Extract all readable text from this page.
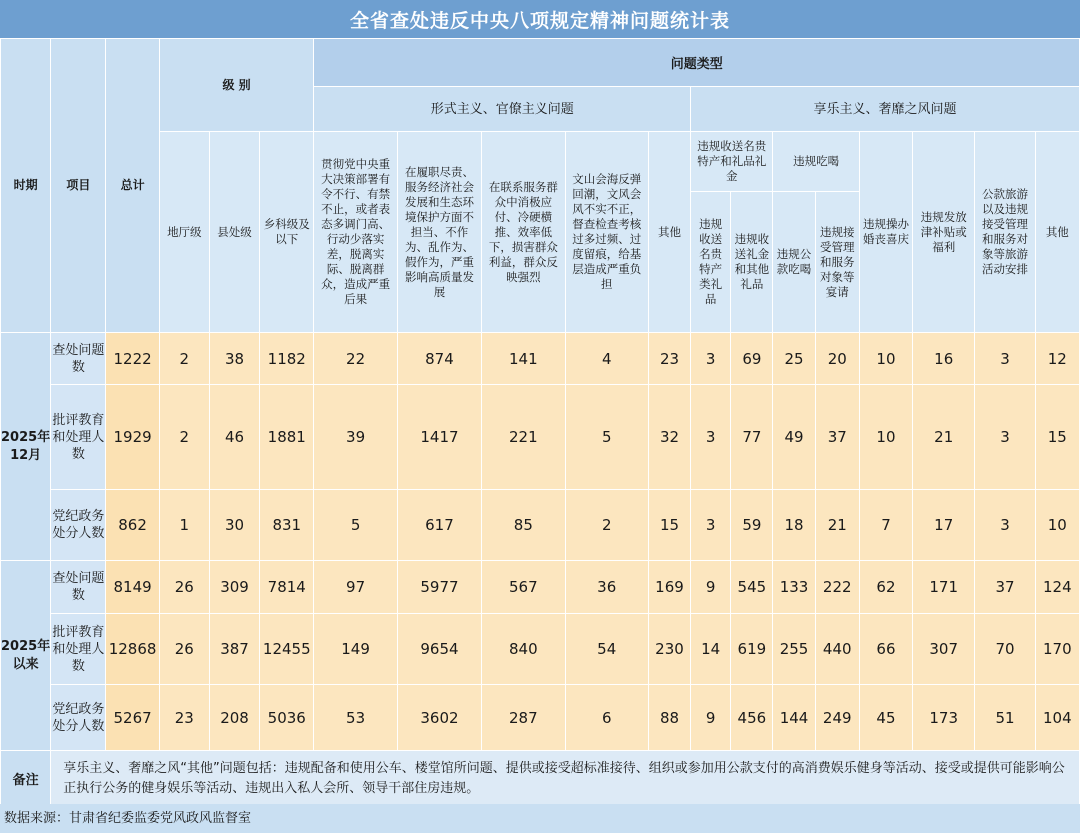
全省查处违反中央八项规定精神问题统计表
时期	项目	总计	级 别			问题类型												
						形式主义、官僚主义问题					享乐主义、奢靡之风问题							
			地厅级	县处级	乡科级及以下	贯彻党中央重大决策部署有令不行、有禁不止，或者表态多调门高、行动少落实差，脱离实际、脱离群众，造成严重后果	在履职尽责、服务经济社会发展和生态环境保护方面不担当、不作为、乱作为、假作为，严重影响高质量发展	在联系服务群众中消极应付、冷硬横推、效率低下，损害群众利益，群众反映强烈	文山会海反弹回潮，文风会风不实不正，督查检查考核过多过频、过度留痕，给基层造成严重负担	其他	违规收送名贵特产和礼品礼金		违规吃喝		违规操办婚丧喜庆	违规发放津补贴或福利	公款旅游以及违规接受管理和服务对象等旅游活动安排	其他
											违规收送名贵特产类礼品	违规收送礼金和其他礼品	违规公款吃喝	违规接受管理和服务对象等宴请				
2025年12月	查处问题数	1222	2	38	1182	22	874	141	4	23	3	69	25	20	10	16	3	12
	批评教育和处理人数	1929	2	46	1881	39	1417	221	5	32	3	77	49	37	10	21	3	15
	党纪政务处分人数	862	1	30	831	5	617	85	2	15	3	59	18	21	7	17	3	10
2025年以来	查处问题数	8149	26	309	7814	97	5977	567	36	169	9	545	133	222	62	171	37	124
	批评教育和处理人数	12868	26	387	12455	149	9654	840	54	230	14	619	255	440	66	307	70	170
	党纪政务处分人数	5267	23	208	5036	53	3602	287	6	88	9	456	144	249	45	173	51	104
备注	享乐主义、奢靡之风“其他”问题包括：违规配备和使用公车、楼堂馆所问题、提供或接受超标准接待、组织或参加用公款支付的高消费娱乐健身等活动、接受或提供可能影响公正执行公务的健身娱乐等活动、违规出入私人会所、领导干部住房违规。																	
数据来源：甘肃省纪委监委党风政风监督室
